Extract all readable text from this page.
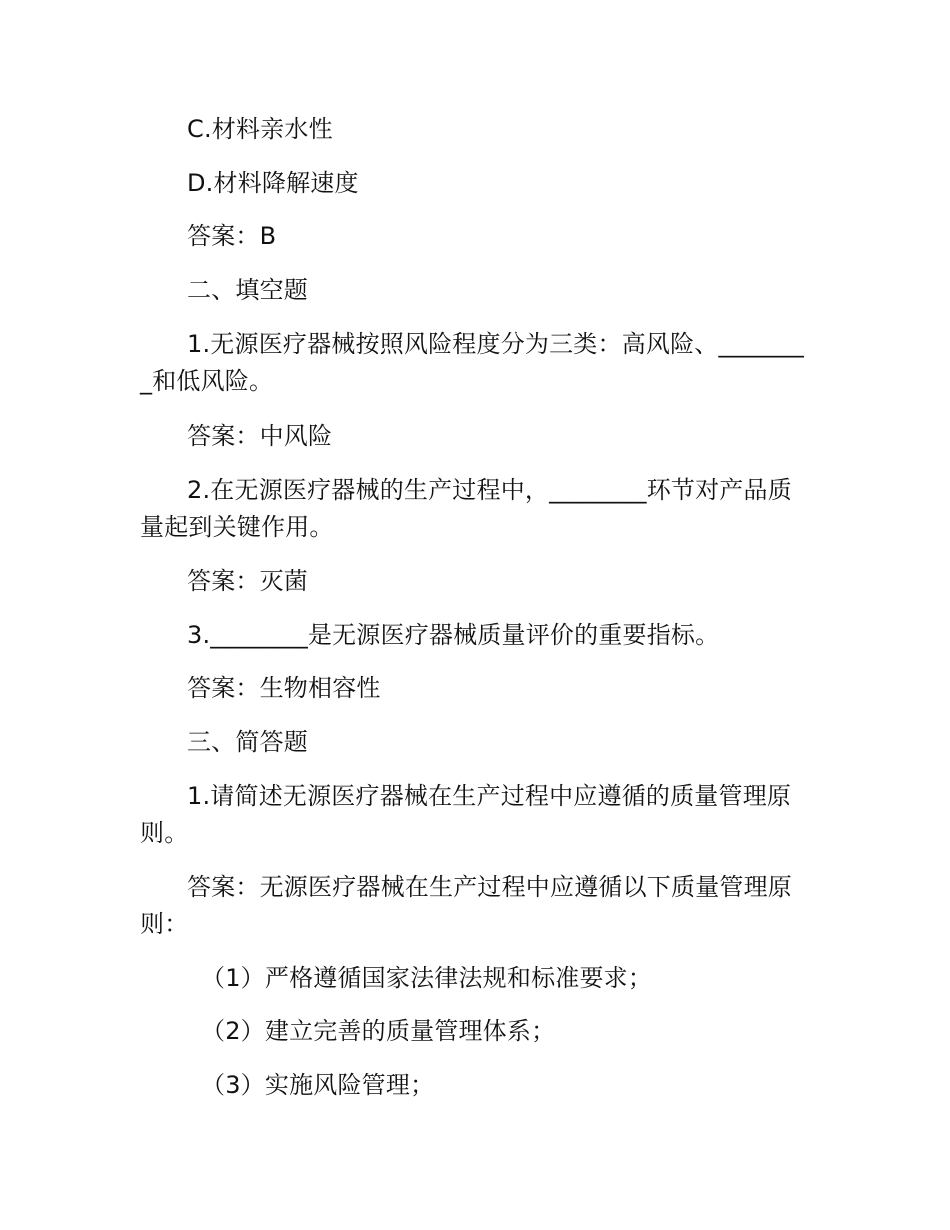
C.材料亲水性
D.材料降解速度
答案：B
二、填空题
1.无源医疗器械按照风险程度分为三类：高风险、_______
_和低风险。
答案：中风险
2.在无源医疗器械的生产过程中，________环节对产品质
量起到关键作用。
答案：灭菌
3.________是无源医疗器械质量评价的重要指标。
答案：生物相容性
三、简答题
1.请简述无源医疗器械在生产过程中应遵循的质量管理原
则。
答案：无源医疗器械在生产过程中应遵循以下质量管理原
则：
（1）严格遵循国家法律法规和标准要求；
（2）建立完善的质量管理体系；
（3）实施风险管理；
